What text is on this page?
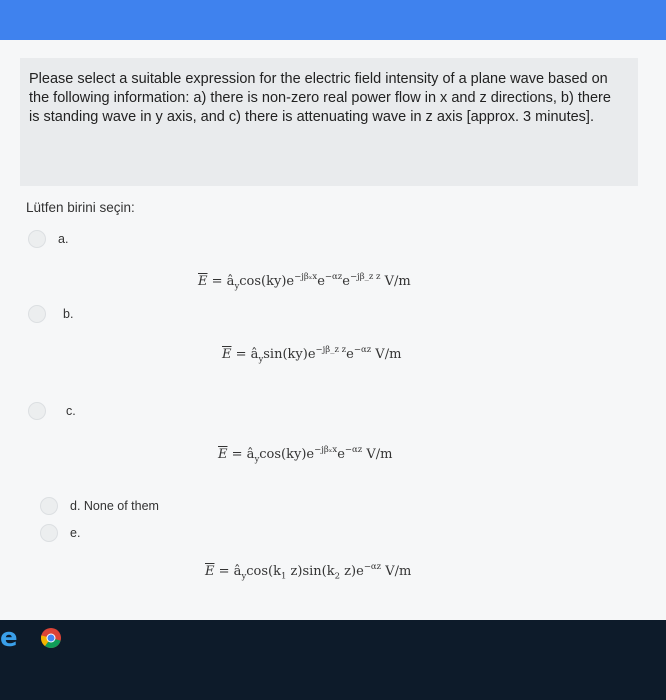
Please select a suitable expression for the electric field intensity of a plane wave based on the following information: a) there is non-zero real power flow in x and z directions, b) there is standing wave in y axis, and c) there is attenuating wave in z axis [approx. 3 minutes].
Lütfen birini seçin:
a.
$\overline{E}$ = $â_y\cos(ky)e^{-j\beta_xx}e^{-\alpha z}e^{-j\beta\_z z}$ V/m
b.
$\overline{E}$ = $â_y\sin(ky)e^{-j\beta\_z z}e^{-\alpha z}$ V/m
c.
$\overline{E}$ = $â_y\cos(ky)e^{-j\beta_xx}e^{-\alpha z}$ V/m
d. None of them
e.
$\overline{E}$ = $â_y\cos(k_1$ $z)\sin(k_2$ $z)e^{-\alpha z}$ V/m
e
